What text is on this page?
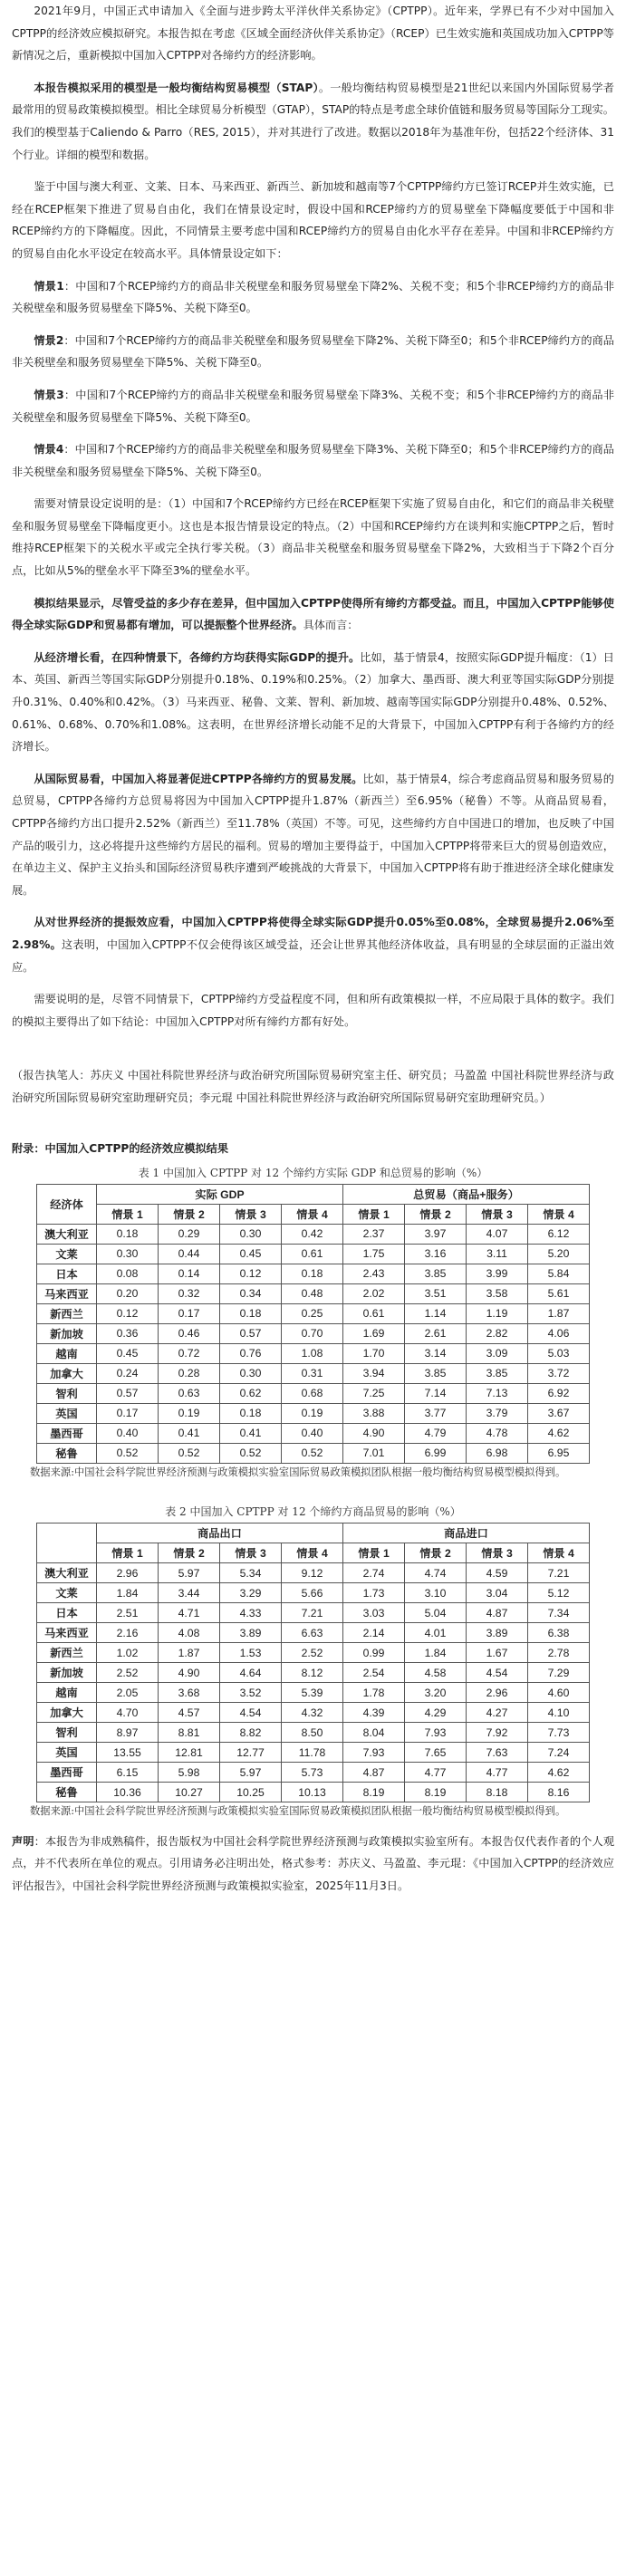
2021年9月，中国正式申请加入《全面与进步跨太平洋伙伴关系协定》（CPTPP）。近年来，学界已有不少对中国加入CPTPP的经济效应模拟研究。本报告拟在考虑《区域全面经济伙伴关系协定》（RCEP）已生效实施和英国成功加入CPTPP等新情况之后，重新模拟中国加入CPTPP对各缔约方的经济影响。

本报告模拟采用的模型是一般均衡结构贸易模型（STAP）。一般均衡结构贸易模型是21世纪以来国内外国际贸易学者最常用的贸易政策模拟模型。相比全球贸易分析模型（GTAP），STAP的特点是考虑全球价值链和服务贸易等国际分工现实。我们的模型基于Caliendo & Parro（RES, 2015），并对其进行了改进。数据以2018年为基准年份，包括22个经济体、31个行业。详细的模型和数据。

鉴于中国与澳大利亚、文莱、日本、马来西亚、新西兰、新加坡和越南等7个CPTPP缔约方已签订RCEP并生效实施，已经在RCEP框架下推进了贸易自由化，我们在情景设定时，假设中国和RCEP缔约方的贸易壁垒下降幅度要低于中国和非RCEP缔约方的下降幅度。因此，不同情景主要考虑中国和RCEP缔约方的贸易自由化水平存在差异。中国和非RCEP缔约方的贸易自由化水平设定在较高水平。具体情景设定如下：

情景1：中国和7个RCEP缔约方的商品非关税壁垒和服务贸易壁垒下降2%、关税不变；和5个非RCEP缔约方的商品非关税壁垒和服务贸易壁垒下降5%、关税下降至0。

情景2：中国和7个RCEP缔约方的商品非关税壁垒和服务贸易壁垒下降2%、关税下降至0；和5个非RCEP缔约方的商品非关税壁垒和服务贸易壁垒下降5%、关税下降至0。

情景3：中国和7个RCEP缔约方的商品非关税壁垒和服务贸易壁垒下降3%、关税不变；和5个非RCEP缔约方的商品非关税壁垒和服务贸易壁垒下降5%、关税下降至0。

情景4：中国和7个RCEP缔约方的商品非关税壁垒和服务贸易壁垒下降3%、关税下降至0；和5个非RCEP缔约方的商品非关税壁垒和服务贸易壁垒下降5%、关税下降至0。

需要对情景设定说明的是：（1）中国和7个RCEP缔约方已经在RCEP框架下实施了贸易自由化，和它们的商品非关税壁垒和服务贸易壁垒下降幅度更小。这也是本报告情景设定的特点。（2）中国和RCEP缔约方在谈判和实施CPTPP之后，暂时维持RCEP框架下的关税水平或完全执行零关税。（3）商品非关税壁垒和服务贸易壁垒下降2%，大致相当于下降2个百分点，比如从5%的壁垒水平下降至3%的壁垒水平。

模拟结果显示，尽管受益的多少存在差异，但中国加入CPTPP使得所有缔约方都受益。而且，中国加入CPTPP能够使得全球实际GDP和贸易都有增加，可以提振整个世界经济。具体而言：

从经济增长看，在四种情景下，各缔约方均获得实际GDP的提升。比如，基于情景4，按照实际GDP提升幅度：（1）日本、英国、新西兰等国实际GDP分别提升0.18%、0.19%和0.25%。（2）加拿大、墨西哥、澳大利亚等国实际GDP分别提升0.31%、0.40%和0.42%。（3）马来西亚、秘鲁、文莱、智利、新加坡、越南等国实际GDP分别提升0.48%、0.52%、0.61%、0.68%、0.70%和1.08%。这表明，在世界经济增长动能不足的大背景下，中国加入CPTPP有利于各缔约方的经济增长。

从国际贸易看，中国加入将显著促进CPTPP各缔约方的贸易发展。比如，基于情景4，综合考虑商品贸易和服务贸易的总贸易，CPTPP各缔约方总贸易将因为中国加入CPTPP提升1.87%（新西兰）至6.95%（秘鲁）不等。从商品贸易看，CPTPP各缔约方出口提升2.52%（新西兰）至11.78%（英国）不等。可见，这些缔约方自中国进口的增加，也反映了中国产品的吸引力，这必将提升这些缔约方居民的福利。贸易的增加主要得益于，中国加入CPTPP将带来巨大的贸易创造效应，在单边主义、保护主义抬头和国际经济贸易秩序遭到严峻挑战的大背景下，中国加入CPTPP将有助于推进经济全球化健康发展。

从对世界经济的提振效应看，中国加入CPTPP将使得全球实际GDP提升0.05%至0.08%，全球贸易提升2.06%至2.98%。这表明，中国加入CPTPP不仅会使得该区域受益，还会让世界其他经济体收益，具有明显的全球层面的正溢出效应。

需要说明的是，尽管不同情景下，CPTPP缔约方受益程度不同，但和所有政策模拟一样，不应局限于具体的数字。我们的模拟主要得出了如下结论：中国加入CPTPP对所有缔约方都有好处。

（报告执笔人：苏庆义 中国社科院世界经济与政治研究所国际贸易研究室主任、研究员；马盈盈 中国社科院世界经济与政治研究所国际贸易研究室助理研究员；李元琨 中国社科院世界经济与政治研究所国际贸易研究室助理研究员。）

附录：中国加入CPTPP的经济效应模拟结果

表 1 中国加入 CPTPP 对 12 个缔约方实际 GDP 和总贸易的影响（%）

经济体	实际 GDP				总贸易（商品+服务）			
	情景 1	情景 2	情景 3	情景 4	情景 1	情景 2	情景 3	情景 4
澳大利亚	0.18	0.29	0.30	0.42	2.37	3.97	4.07	6.12
文莱	0.30	0.44	0.45	0.61	1.75	3.16	3.11	5.20
日本	0.08	0.14	0.12	0.18	2.43	3.85	3.99	5.84
马来西亚	0.20	0.32	0.34	0.48	2.02	3.51	3.58	5.61
新西兰	0.12	0.17	0.18	0.25	0.61	1.14	1.19	1.87
新加坡	0.36	0.46	0.57	0.70	1.69	2.61	2.82	4.06
越南	0.45	0.72	0.76	1.08	1.70	3.14	3.09	5.03
加拿大	0.24	0.28	0.30	0.31	3.94	3.85	3.85	3.72
智利	0.57	0.63	0.62	0.68	7.25	7.14	7.13	6.92
英国	0.17	0.19	0.18	0.19	3.88	3.77	3.79	3.67
墨西哥	0.40	0.41	0.41	0.40	4.90	4.79	4.78	4.62
秘鲁	0.52	0.52	0.52	0.52	7.01	6.99	6.98	6.95

数据来源:中国社会科学院世界经济预测与政策模拟实验室国际贸易政策模拟团队根据一般均衡结构贸易模型模拟得到。

表 2 中国加入 CPTPP 对 12 个缔约方商品贸易的影响（%）

	商品出口				商品进口			
	情景 1	情景 2	情景 3	情景 4	情景 1	情景 2	情景 3	情景 4
澳大利亚	2.96	5.97	5.34	9.12	2.74	4.74	4.59	7.21
文莱	1.84	3.44	3.29	5.66	1.73	3.10	3.04	5.12
日本	2.51	4.71	4.33	7.21	3.03	5.04	4.87	7.34
马来西亚	2.16	4.08	3.89	6.63	2.14	4.01	3.89	6.38
新西兰	1.02	1.87	1.53	2.52	0.99	1.84	1.67	2.78
新加坡	2.52	4.90	4.64	8.12	2.54	4.58	4.54	7.29
越南	2.05	3.68	3.52	5.39	1.78	3.20	2.96	4.60
加拿大	4.70	4.57	4.54	4.32	4.39	4.29	4.27	4.10
智利	8.97	8.81	8.82	8.50	8.04	7.93	7.92	7.73
英国	13.55	12.81	12.77	11.78	7.93	7.65	7.63	7.24
墨西哥	6.15	5.98	5.97	5.73	4.87	4.77	4.77	4.62
秘鲁	10.36	10.27	10.25	10.13	8.19	8.19	8.18	8.16

数据来源:中国社会科学院世界经济预测与政策模拟实验室国际贸易政策模拟团队根据一般均衡结构贸易模型模拟得到。

声明：本报告为非成熟稿件，报告版权为中国社会科学院世界经济预测与政策模拟实验室所有。本报告仅代表作者的个人观点，并不代表所在单位的观点。引用请务必注明出处，格式参考：苏庆义、马盈盈、李元琨：《中国加入CPTPP的经济效应评估报告》，中国社会科学院世界经济预测与政策模拟实验室，2025年11月3日。
